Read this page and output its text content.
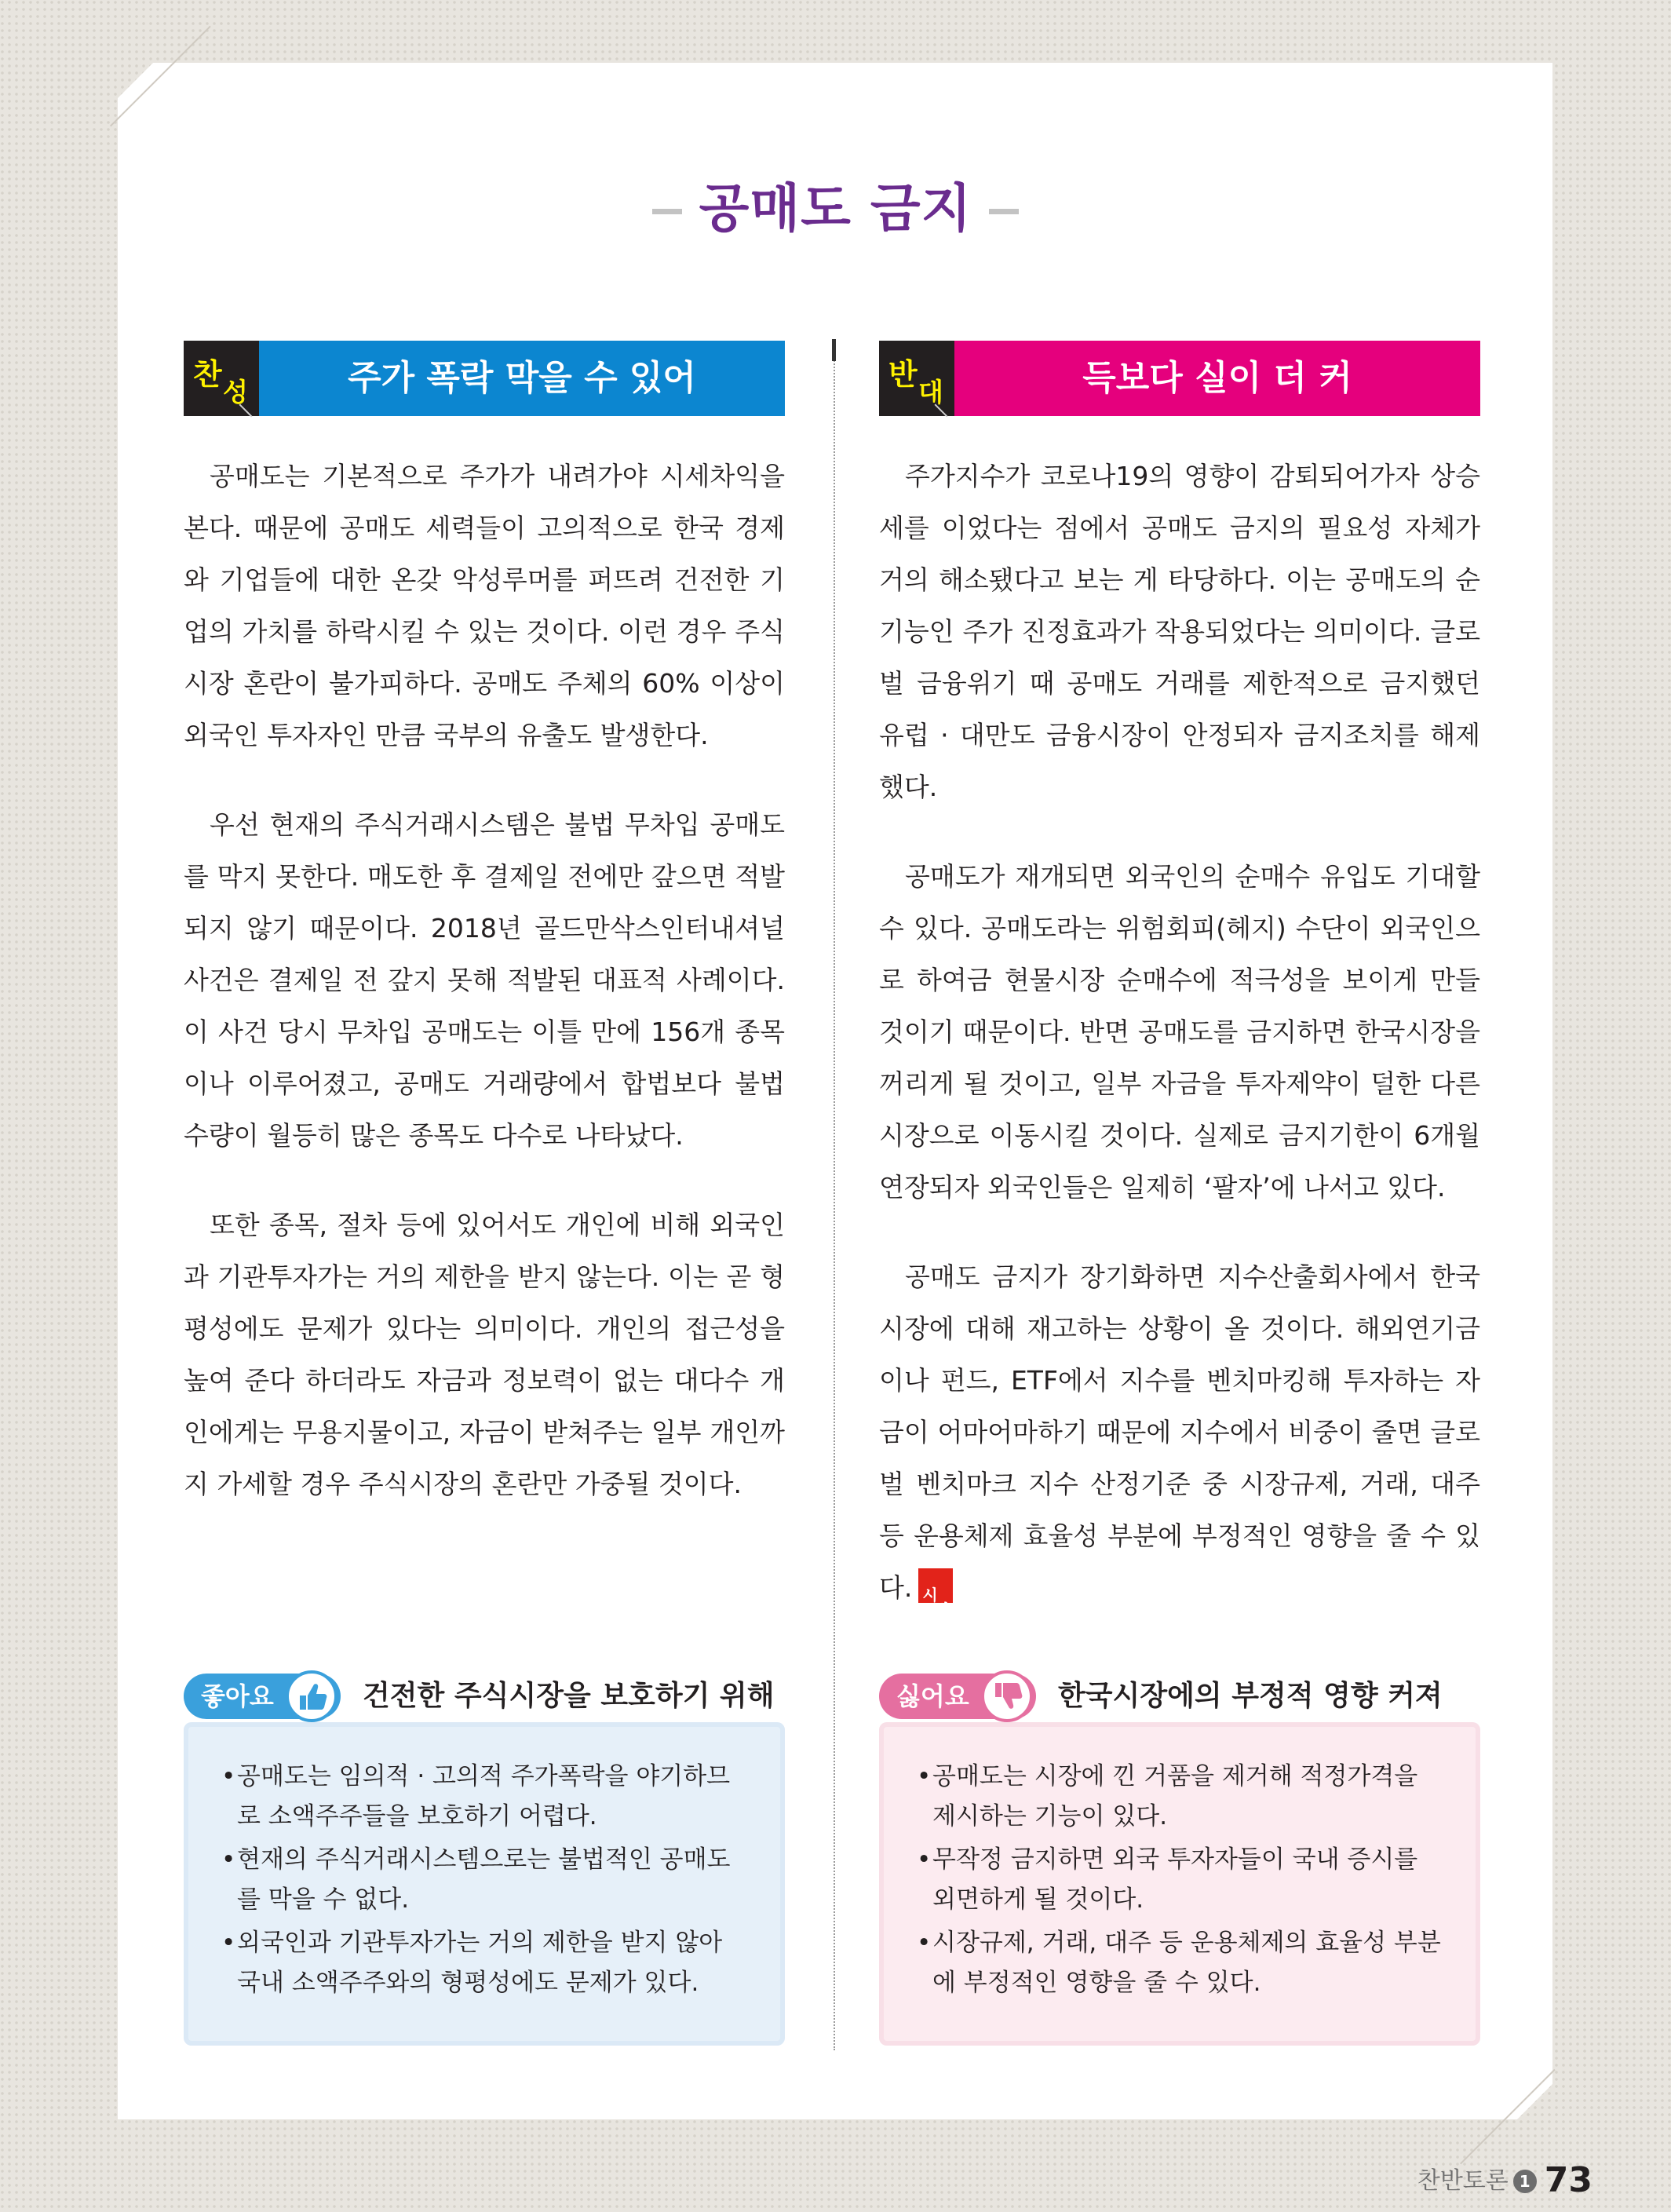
공매도 금지
찬
성	주가 폭락 막을 수 있어

공매도는 기본적으로 주가가 내려가야 시세차익을 본다. 때문에 공매도 세력들이 고의적으로 한국 경제와 기업들에 대한 온갖 악성루머를 퍼뜨려 건전한 기업의 가치를 하락시킬 수 있는 것이다. 이런 경우 주식시장 혼란이 불가피하다. 공매도 주체의 60% 이상이 외국인 투자자인 만큼 국부의 유출도 발생한다.

우선 현재의 주식거래시스템은 불법 무차입 공매도를 막지 못한다. 매도한 후 결제일 전에만 갚으면 적발되지 않기 때문이다. 2018년 골드만삭스인터내셔널 사건은 결제일 전 갚지 못해 적발된 대표적 사례이다. 이 사건 당시 무차입 공매도는 이틀 만에 156개 종목이나 이루어졌고, 공매도 거래량에서 합법보다 불법 수량이 월등히 많은 종목도 다수로 나타났다.

또한 종목, 절차 등에 있어서도 개인에 비해 외국인과 기관투자가는 거의 제한을 받지 않는다. 이는 곧 형평성에도 문제가 있다는 의미이다. 개인의 접근성을 높여 준다 하더라도 자금과 정보력이 없는 대다수 개인에게는 무용지물이고, 자금이 받쳐주는 일부 개인까지 가세할 경우 주식시장의 혼란만 가중될 것이다.

좋아요	건전한 주식시장을 보호하기 위해
• 공매도는 임의적 · 고의적 주가폭락을 야기하므로 소액주주들을 보호하기 어렵다.
• 현재의 주식거래시스템으로는 불법적인 공매도를 막을 수 없다.
• 외국인과 기관투자가는 거의 제한을 받지 않아 국내 소액주주와의 형평성에도 문제가 있다.
반
대	득보다 실이 더 커

주가지수가 코로나19의 영향이 감퇴되어가자 상승세를 이었다는 점에서 공매도 금지의 필요성 자체가 거의 해소됐다고 보는 게 타당하다. 이는 공매도의 순기능인 주가 진정효과가 작용되었다는 의미이다. 글로벌 금융위기 때 공매도 거래를 제한적으로 금지했던 유럽 · 대만도 금융시장이 안정되자 금지조치를 해제했다.

공매도가 재개되면 외국인의 순매수 유입도 기대할 수 있다. 공매도라는 위험회피(헤지) 수단이 외국인으로 하여금 현물시장 순매수에 적극성을 보이게 만들 것이기 때문이다. 반면 공매도를 금지하면 한국시장을 꺼리게 될 것이고, 일부 자금을 투자제약이 덜한 다른 시장으로 이동시킬 것이다. 실제로 금지기한이 6개월 연장되자 외국인들은 일제히 ‘팔자’에 나서고 있다.

공매도 금지가 장기화하면 지수산출회사에서 한국시장에 대해 재고하는 상황이 올 것이다. 해외연기금이나 펀드, ETF에서 지수를 벤치마킹해 투자하는 자금이 어마어마하기 때문에 지수에서 비중이 줄면 글로벌 벤치마크 지수 산정기준 중 시장규제, 거래, 대주 등 운용체제 효율성 부분에 부정적인 영향을 줄 수 있다. 시
대

싫어요	한국시장에의 부정적 영향 커져
• 공매도는 시장에 낀 거품을 제거해 적정가격을 제시하는 기능이 있다.
• 무작정 금지하면 외국 투자자들이 국내 증시를 외면하게 될 것이다.
• 시장규제, 거래, 대주 등 운용체제의 효율성 부분에 부정적인 영향을 줄 수 있다.
찬반토론 1 73
